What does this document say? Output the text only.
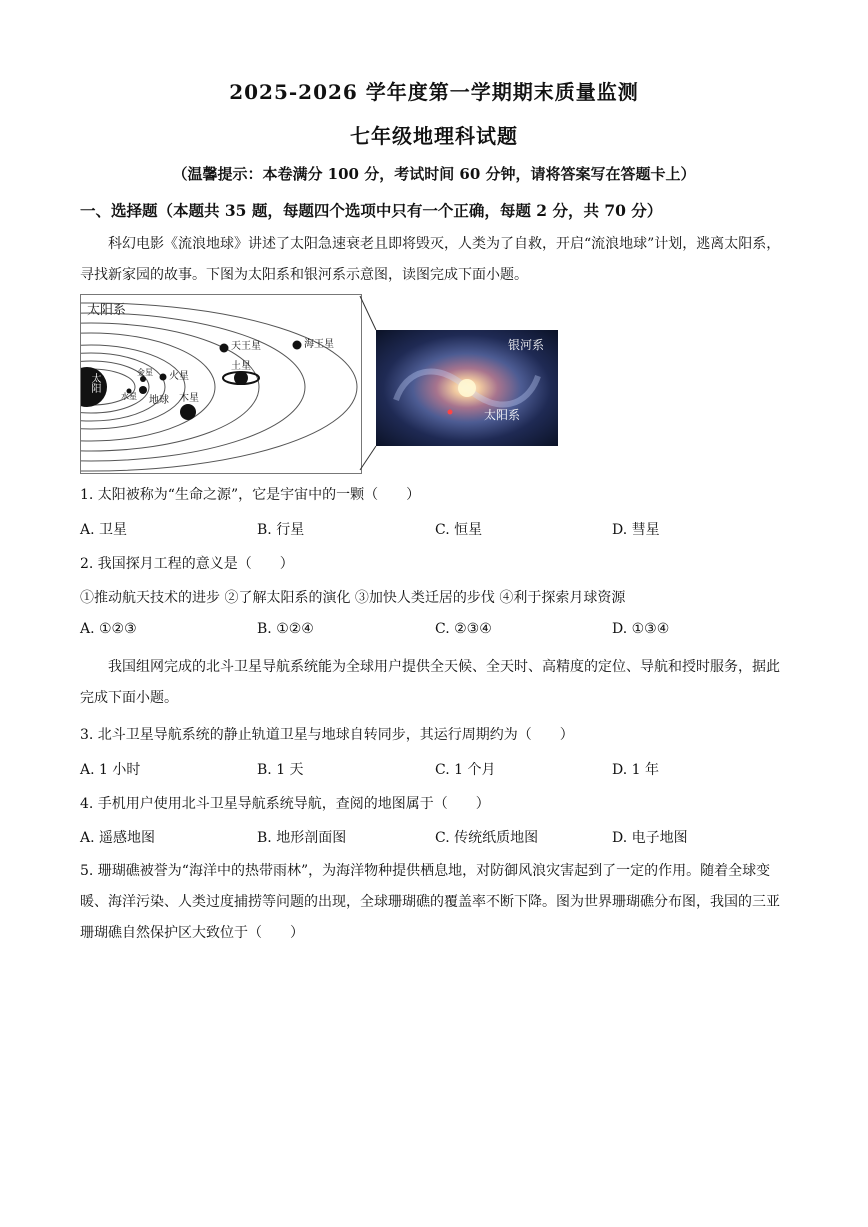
2025-2026 学年度第一学期期末质量监测
七年级地理科试题
（温馨提示：本卷满分 100 分，考试时间 60 分钟，请将答案写在答题卡上）
一、选择题（本题共 35 题，每题四个选项中只有一个正确，每题 2 分，共 70 分）
科幻电影《流浪地球》讲述了太阳急速衰老且即将毁灭，人类为了自救，开启“流浪地球”计划，逃离太阳系，寻找新家园的故事。下图为太阳系和银河系示意图，读图完成下面小题。
太阳系
太阳
水星
金星
地球
火星
木星
土星
天王星	海王星	银河系
太阳系
1. 太阳被称为“生命之源”，它是宇宙中的一颗（　　）
A. 卫星	B. 行星	C. 恒星	D. 彗星
2. 我国探月工程的意义是（　　）
①推动航天技术的进步 ②了解太阳系的演化 ③加快人类迁居的步伐 ④利于探索月球资源
A. ①②③	B. ①②④	C. ②③④	D. ①③④
我国组网完成的北斗卫星导航系统能为全球用户提供全天候、全天时、高精度的定位、导航和授时服务，据此完成下面小题。
3. 北斗卫星导航系统的静止轨道卫星与地球自转同步，其运行周期约为（　　）
A. 1 小时	B. 1 天	C. 1 个月	D. 1 年
4. 手机用户使用北斗卫星导航系统导航，查阅的地图属于（　　）
A. 遥感地图	B. 地形剖面图	C. 传统纸质地图	D. 电子地图
5. 珊瑚礁被誉为“海洋中的热带雨林”，为海洋物种提供栖息地，对防御风浪灾害起到了一定的作用。随着全球变暖、海洋污染、人类过度捕捞等问题的出现，全球珊瑚礁的覆盖率不断下降。图为世界珊瑚礁分布图，我国的三亚珊瑚礁自然保护区大致位于（　　）
